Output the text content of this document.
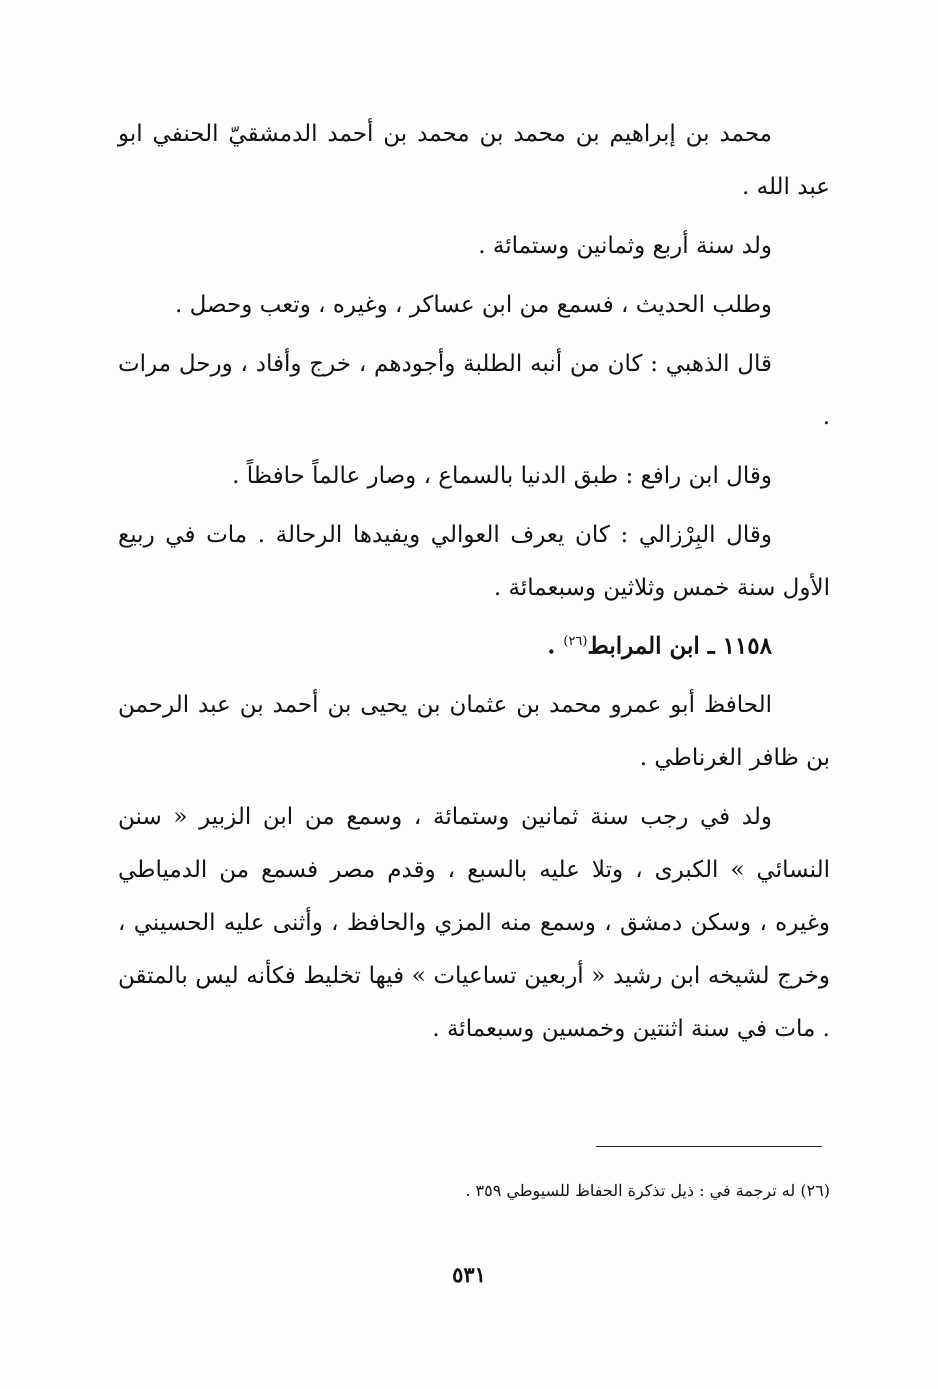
محمد بن إبراهيم بن محمد بن محمد بن أحمد الدمشقيّ الحنفي ابو عبد الله .

ولد سنة أربع وثمانين وستمائة .

وطلب الحديث ، فسمع من ابن عساكر ، وغيره ، وتعب وحصل .

قال الذهبي : كان من أنبه الطلبة وأجودهم ، خرج وأفاد ، ورحل مرات .

وقال ابن رافع : طبق الدنيا بالسماع ، وصار عالماً حافظاً .

وقال البِرْزالي : كان يعرف العوالي ويفيدها الرحالة . مات في ربيع الأول سنة خمس وثلاثين وسبعمائة .

١١٥٨ ـ ابن المرابط$^{(٢٦)}$ .

الحافظ أبو عمرو محمد بن عثمان بن يحيى بن أحمد بن عبد الرحمن بن ظافر الغرناطي .

ولد في رجب سنة ثمانين وستمائة ، وسمع من ابن الزبير « سنن النسائي » الكبرى ، وتلا عليه بالسبع ، وقدم مصر فسمع من الدمياطي وغيره ، وسكن دمشق ، وسمع منه المزي والحافظ ، وأثنى عليه الحسيني ، وخرج لشيخه ابن رشيد « أربعين تساعيات » فيها تخليط فكأنه ليس بالمتقن . مات في سنة اثنتين وخمسين وسبعمائة .

(٢٦) له ترجمة في : ذيل تذكرة الحفاظ للسيوطي ٣٥٩ .
٥٣١
